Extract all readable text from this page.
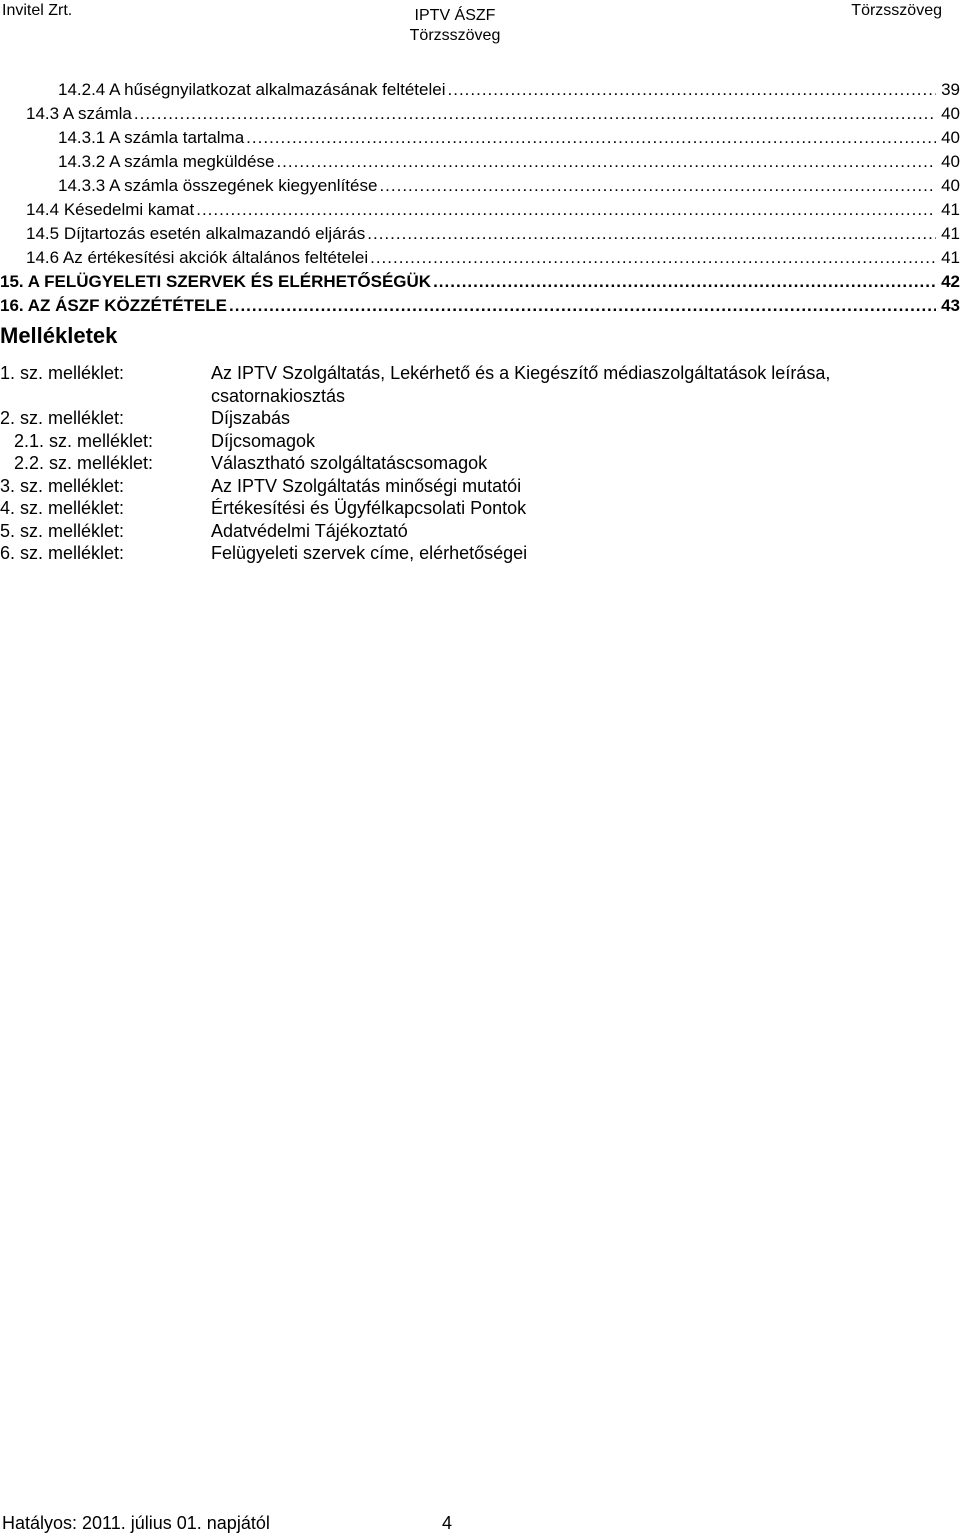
Invitel Zrt.	IPTV ÁSZF
Törzsszöveg
Törzsszöveg
14.2.4 A hűségnyilatkozat alkalmazásának feltételei .....	39
14.3 A számla .....	40
14.3.1 A számla tartalma .....	40
14.3.2 A számla megküldése .....	40
14.3.3 A számla összegének kiegyenlítése .....	40
14.4 Késedelmi kamat .....	41
14.5 Díjtartozás esetén alkalmazandó eljárás .....	41
14.6 Az értékesítési akciók általános feltételei .....	41
15. A FELÜGYELETI SZERVEK ÉS ELÉRHETŐSÉGÜK .....	42
16. AZ ÁSZF KÖZZÉTÉTELE .....	43
Mellékletek
1. sz. melléklet:	Az IPTV Szolgáltatás, Lekérhető és a Kiegészítő médiaszolgáltatások leírása,
csatornakiosztás
2. sz. melléklet:	Díjszabás
2.1. sz. melléklet:	Díjcsomagok
2.2. sz. melléklet:	Választható szolgáltatáscsomagok
3. sz. melléklet:	Az IPTV Szolgáltatás minőségi mutatói
4. sz. melléklet:	Értékesítési és Ügyfélkapcsolati Pontok
5. sz. melléklet:	Adatvédelmi Tájékoztató
6. sz. melléklet:	Felügyeleti szervek címe, elérhetőségei
Hatályos: 2011. július 01. napjától	4
